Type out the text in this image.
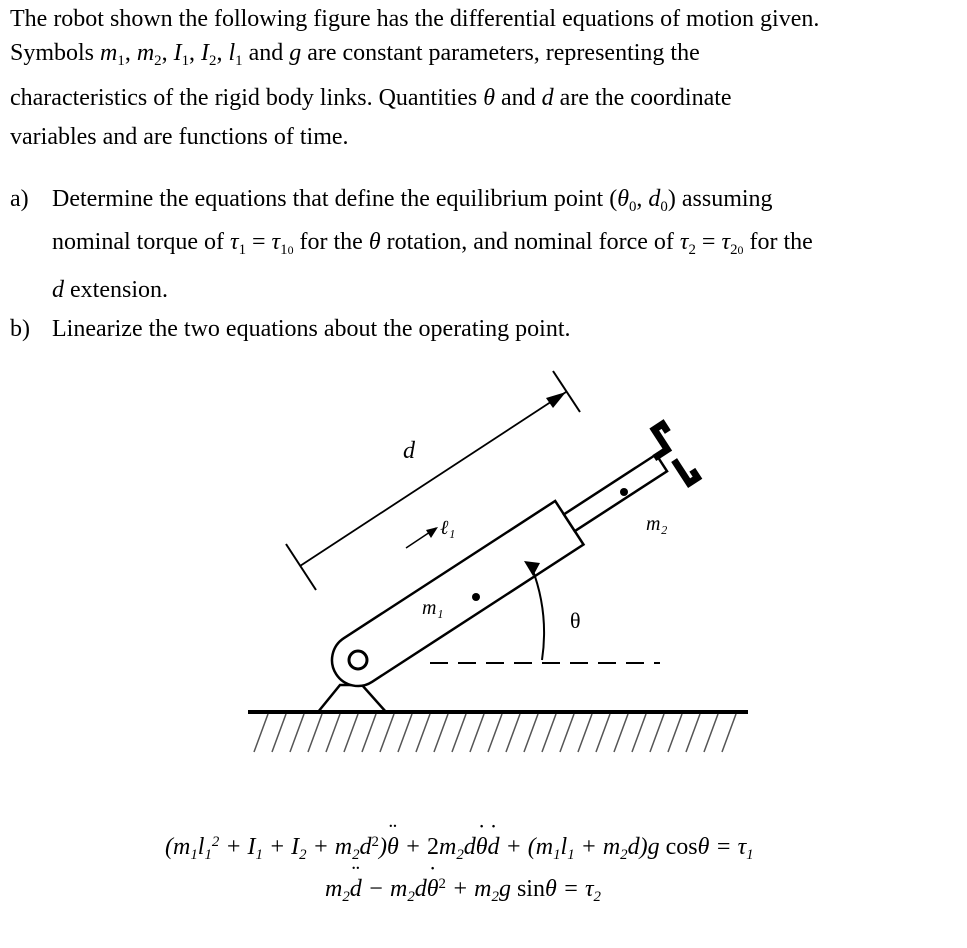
The robot shown the following figure has the differential equations of motion given.
Symbols $m_1$, $m_2$, $I_1$, $I_2$, $l_1$ and g are constant parameters, representing the
characteristics of the rigid body links. Quantities θ and d are the coordinate
variables and are functions of time.
a) Determine the equations that define the equilibrium point ($\theta_0$, $d_0$) assuming
nominal torque of $\tau_1 = \tau_{10}$ for the θ rotation, and nominal force of $\tau_2 = \tau_{20}$ for the
d extension.
b) Linearize the two equations about the operating point.
d
ℓ₁
m₁
m₂
θ
($m_1l_1^2 + I_1 + I_2$ + $m_2d^2)¨$ $\theta + 2m_2d˙$ θ˙ $d + (m_1l_1 + m_2d)g$ $\cos\theta = \tau_1$
$m_2¨$ $d - m_2d˙$ $\theta^2 + m_2g$ $\sin\theta = \tau_2$
